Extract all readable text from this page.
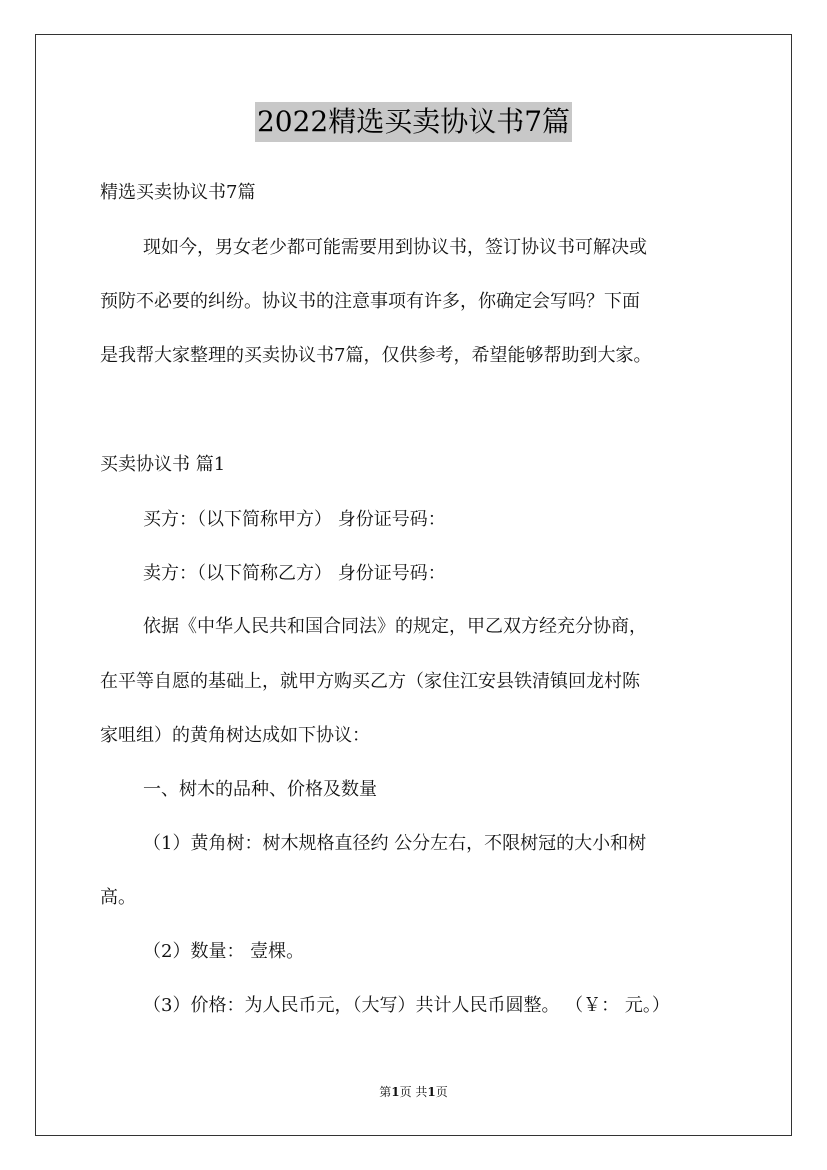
2022精选买卖协议书7篇
精选买卖协议书7篇
现如今，男女老少都可能需要用到协议书，签订协议书可解决或
预防不必要的纠纷。协议书的注意事项有许多，你确定会写吗？下面
是我帮大家整理的买卖协议书7篇，仅供参考，希望能够帮助到大家。
买卖协议书 篇1
买方：（以下简称甲方） 身份证号码：
卖方：（以下简称乙方） 身份证号码：
依据《中华人民共和国合同法》的规定，甲乙双方经充分协商，
在平等自愿的基础上，就甲方购买乙方（家住江安县铁清镇回龙村陈
家咀组）的黄角树达成如下协议：
一、树木的品种、价格及数量
（1）黄角树：树木规格直径约 公分左右，不限树冠的大小和树
高。
（2）数量： 壹棵。
（3）价格：为人民币元，（大写）共计人民币圆整。 （￥： 元。）
第1页 共1页
